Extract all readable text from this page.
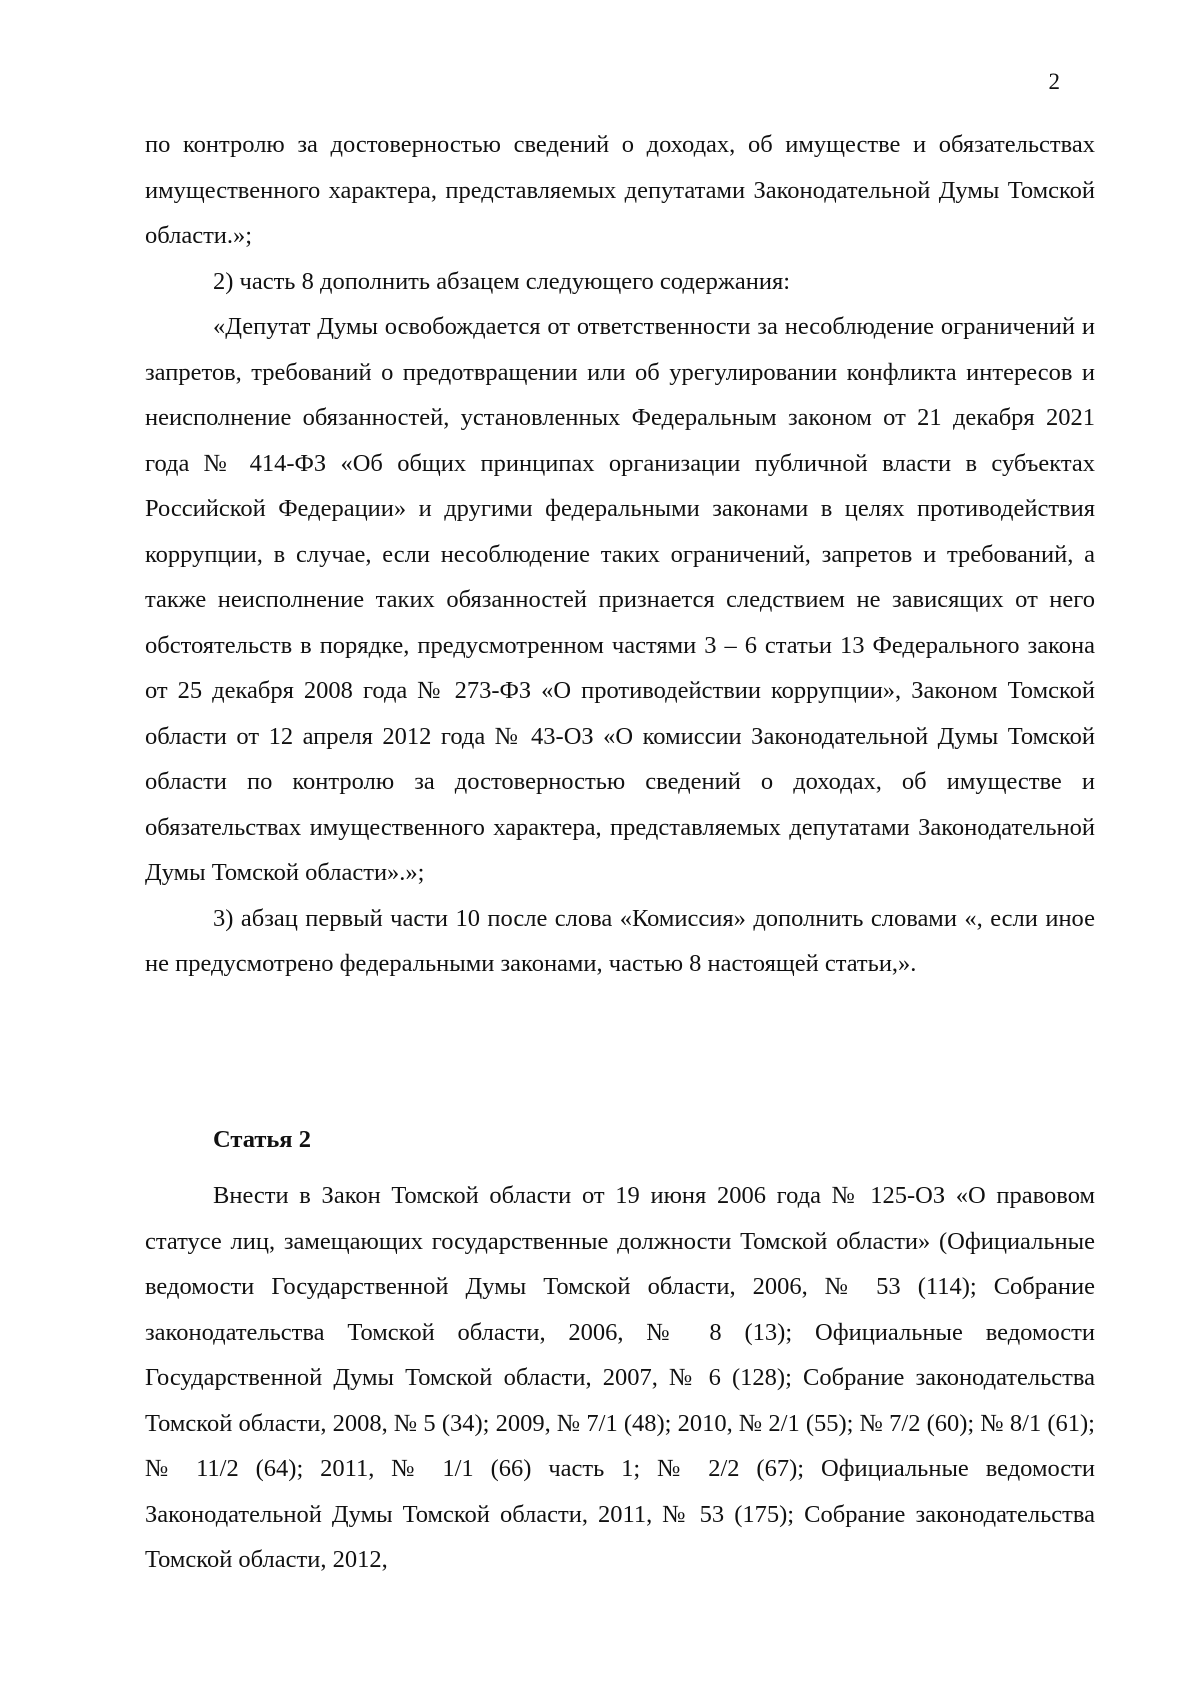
2

по контролю за достоверностью сведений о доходах, об имуществе и обязательствах имущественного характера, представляемых депутатами Законодательной Думы Томской области.»;

2) часть 8 дополнить абзацем следующего содержания:

«Депутат Думы освобождается от ответственности за несоблюдение ограничений и запретов, требований о предотвращении или об урегулировании конфликта интересов и неисполнение обязанностей, установленных Федеральным законом от 21 декабря 2021 года № 414-ФЗ «Об общих принципах организации публичной власти в субъектах Российской Федерации» и другими федеральными законами в целях противодействия коррупции, в случае, если несоблюдение таких ограничений, запретов и требований, а также неисполнение таких обязанностей признается следствием не зависящих от него обстоятельств в порядке, предусмотренном частями 3 – 6 статьи 13 Федерального закона от 25 декабря 2008 года № 273-ФЗ «О противодействии коррупции», Законом Томской области от 12 апреля 2012 года № 43-ОЗ «О комиссии Законодательной Думы Томской области по контролю за достоверностью сведений о доходах, об имуществе и обязательствах имущественного характера, представляемых депутатами Законодательной Думы Томской области».»;

3) абзац первый части 10 после слова «Комиссия» дополнить словами «, если иное не предусмотрено федеральными законами, частью 8 настоящей статьи,».

Статья 2

Внести в Закон Томской области от 19 июня 2006 года № 125-ОЗ «О правовом статусе лиц, замещающих государственные должности Томской области» (Официальные ведомости Государственной Думы Томской области, 2006, № 53 (114); Собрание законодательства Томской области, 2006, № 8 (13); Официальные ведомости Государственной Думы Томской области, 2007, № 6 (128); Собрание законодательства Томской области, 2008, № 5 (34); 2009, № 7/1 (48); 2010, № 2/1 (55); № 7/2 (60); № 8/1 (61); № 11/2 (64); 2011, № 1/1 (66) часть 1; № 2/2 (67); Официальные ведомости Законодательной Думы Томской области, 2011, № 53 (175); Собрание законодательства Томской области, 2012,
